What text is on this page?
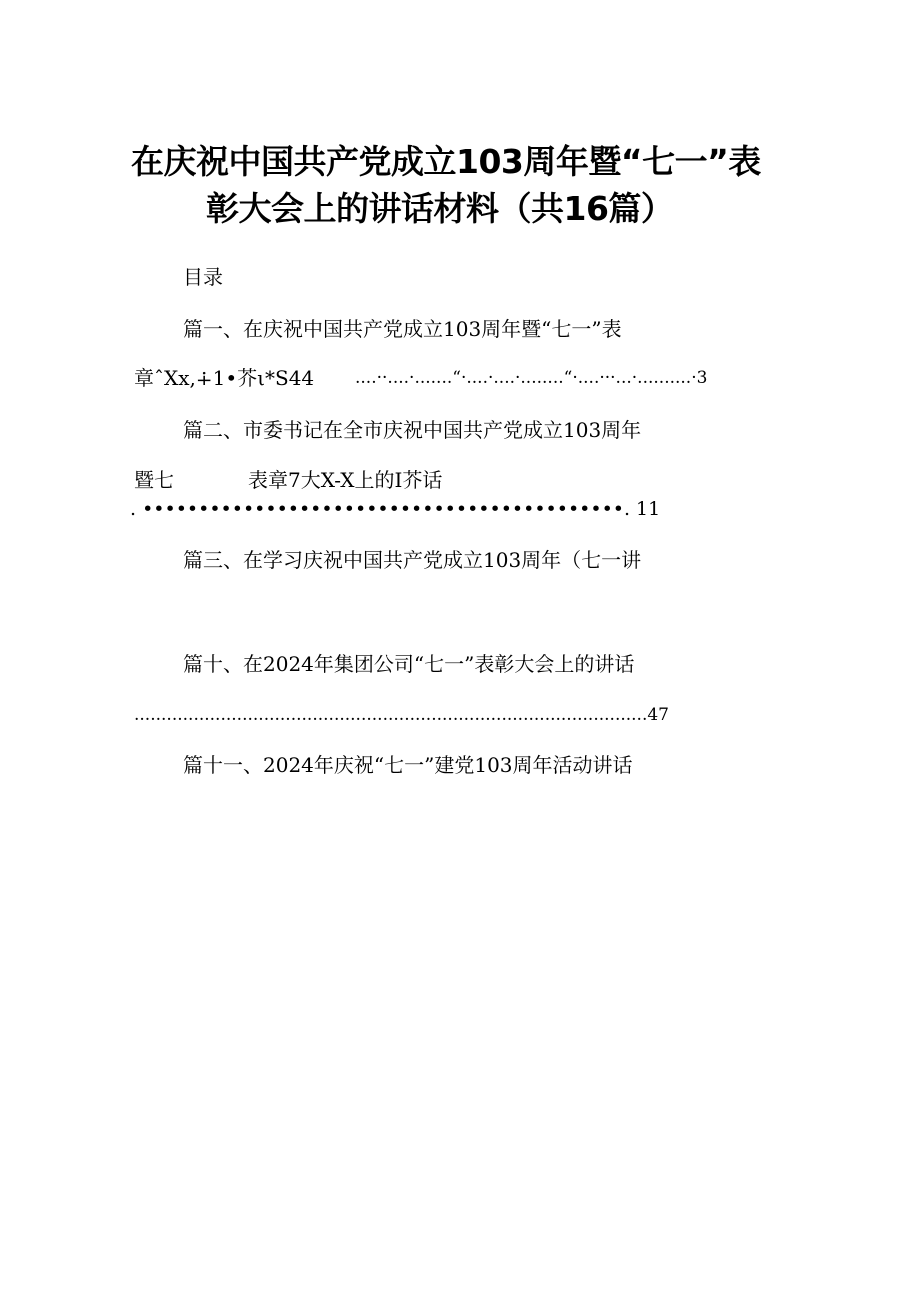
在庆祝中国共产党成立103周年暨“七一”表
彰大会上的讲话材料（共16篇）
目录
篇一、在庆祝中国共产党成立103周年暨“七一”表
章ˆXx,∔1•芥ι*S44 ....··....·.......“·....·....·........“·....···...·..........·3
篇二、市委书记在全市庆祝中国共产党成立103周年
暨七	表章7大X-X上的I芥话
. •••••••••••••••••••••••••••••••••••••••••••. 11
篇三、在学习庆祝中国共产党成立103周年（七一讲
篇十、在2024年集团公司“七一”表彰大会上的讲话
...............................................................................................47
篇十一、2024年庆祝“七一”建党103周年活动讲话
